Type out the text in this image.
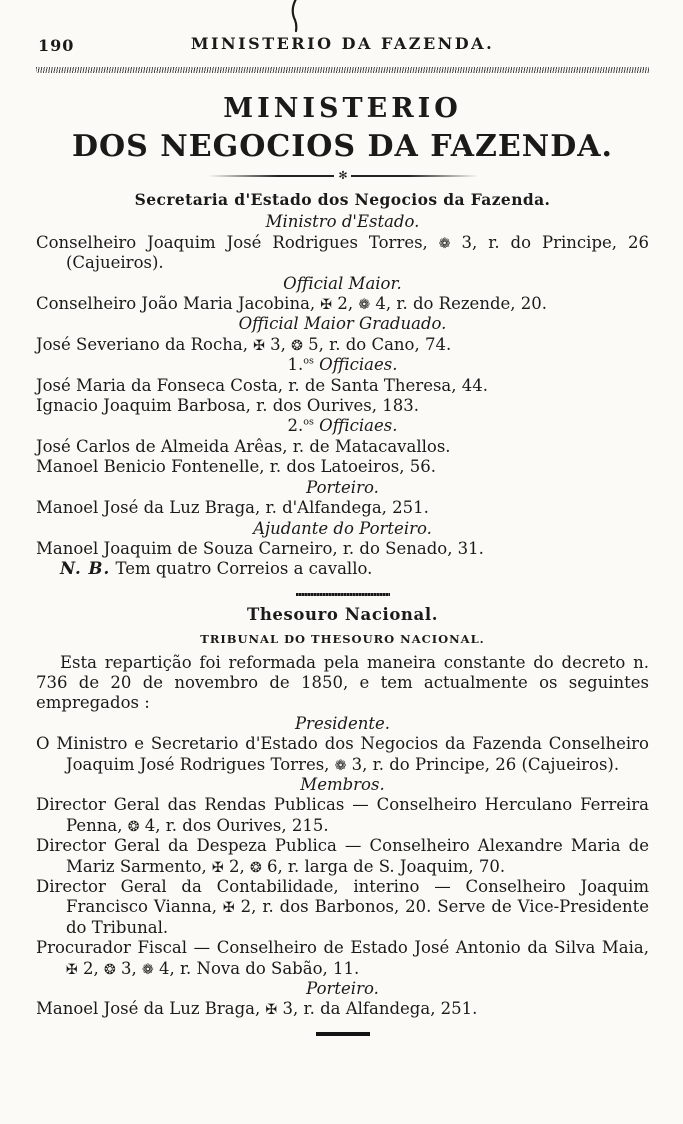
190	MINISTERIO DA FAZENDA.
MINISTERIO
DOS NEGOCIOS DA FAZENDA.
✻
Secretaria d'Estado dos Negocios da Fazenda.
Ministro d'Estado.
Conselheiro Joaquim José Rodrigues Torres, ❁ 3, r. do Principe, 26 (Cajueiros).
Official Maior.
Conselheiro João Maria Jacobina, ✠ 2, ❁ 4, r. do Rezende, 20.
Official Maior Graduado.
José Severiano da Rocha, ✠ 3, ❂ 5, r. do Cano, 74.
1.$^{os}$ Officiaes.
José Maria da Fonseca Costa, r. de Santa Theresa, 44.
Ignacio Joaquim Barbosa, r. dos Ourives, 183.
2.$^{os}$ Officiaes.
José Carlos de Almeida Arêas, r. de Matacavallos.
Manoel Benicio Fontenelle, r. dos Latoeiros, 56.
Porteiro.
Manoel José da Luz Braga, r. d'Alfandega, 251.
Ajudante do Porteiro.
Manoel Joaquim de Souza Carneiro, r. do Senado, 31.
N. B. Tem quatro Correios a cavallo.
Thesouro Nacional.
TRIBUNAL DO THESOURO NACIONAL.
Esta repartição foi reformada pela maneira constante do decreto n. 736 de 20 de novembro de 1850, e tem actualmente os seguintes empregados :
Presidente.
O Ministro e Secretario d'Estado dos Negocios da Fazenda Conselheiro Joaquim José Rodrigues Torres, ❁ 3, r. do Principe, 26 (Cajueiros).
Membros.
Director Geral das Rendas Publicas — Conselheiro Herculano Ferreira Penna, ❂ 4, r. dos Ourives, 215.
Director Geral da Despeza Publica — Conselheiro Alexandre Maria de Mariz Sarmento, ✠ 2, ❂ 6, r. larga de S. Joaquim, 70.
Director Geral da Contabilidade, interino — Conselheiro Joaquim Francisco Vianna, ✠ 2, r. dos Barbonos, 20. Serve de Vice-Presidente do Tribunal.
Procurador Fiscal — Conselheiro de Estado José Antonio da Silva Maia, ✠ 2, ❂ 3, ❁ 4, r. Nova do Sabão, 11.
Porteiro.
Manoel José da Luz Braga, ✠ 3, r. da Alfandega, 251.
